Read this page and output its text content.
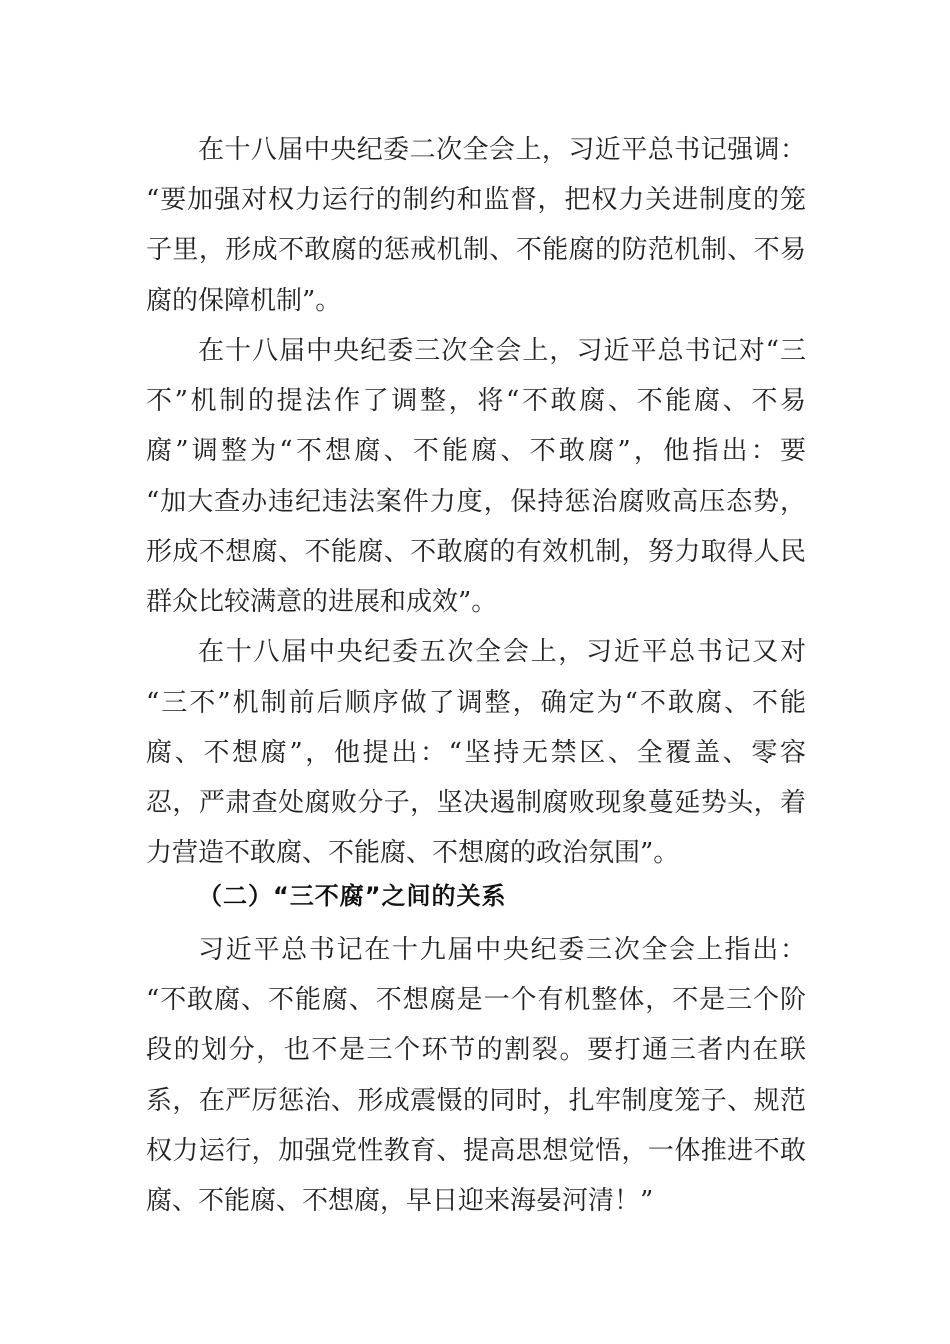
在十八届中央纪委二次全会上，习近平总书记强调：
“要加强对权力运行的制约和监督，把权力关进制度的笼
子里，形成不敢腐的惩戒机制、不能腐的防范机制、不易
腐的保障机制”。
在十八届中央纪委三次全会上，习近平总书记对“三
不”机制的提法作了调整，将“不敢腐、不能腐、不易
腐”调整为“不想腐、不能腐、不敢腐”，他指出：要
“加大查办违纪违法案件力度，保持惩治腐败高压态势，
形成不想腐、不能腐、不敢腐的有效机制，努力取得人民
群众比较满意的进展和成效”。
在十八届中央纪委五次全会上，习近平总书记又对
“三不”机制前后顺序做了调整，确定为“不敢腐、不能
腐、不想腐”，他提出：“坚持无禁区、全覆盖、零容
忍，严肃查处腐败分子，坚决遏制腐败现象蔓延势头，着
力营造不敢腐、不能腐、不想腐的政治氛围”。
（二）“三不腐”之间的关系
习近平总书记在十九届中央纪委三次全会上指出：
“不敢腐、不能腐、不想腐是一个有机整体，不是三个阶
段的划分，也不是三个环节的割裂。要打通三者内在联
系，在严厉惩治、形成震慑的同时，扎牢制度笼子、规范
权力运行，加强党性教育、提高思想觉悟，一体推进不敢
腐、不能腐、不想腐，早日迎来海晏河清！”
